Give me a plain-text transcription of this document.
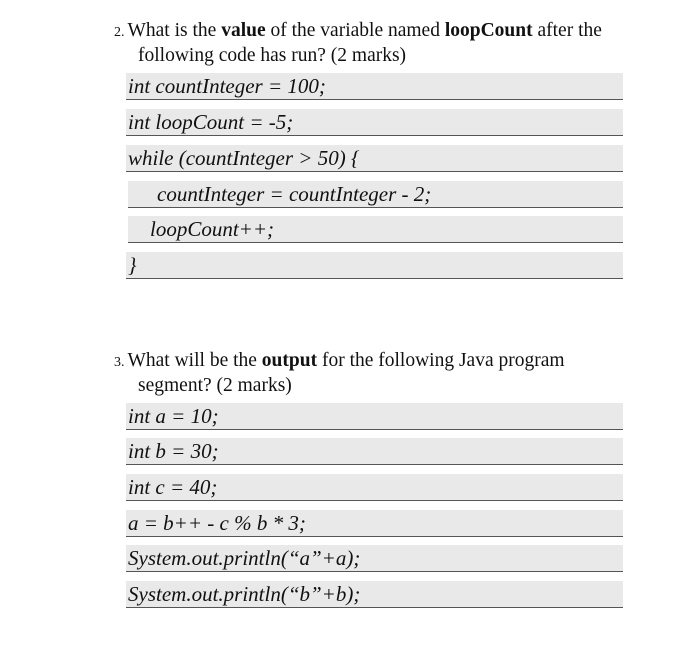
2. What is the value of the variable named loopCount after the
following code has run? (2 marks)
int countInteger = 100;
int loopCount = -5;
while (countInteger > 50) {
countInteger = countInteger - 2;
loopCount++;
}
3. What will be the output for the following Java program
segment? (2 marks)
int a = 10;
int b = 30;
int c = 40;
a = b++ - c % b * 3;
System.out.println(“a”+a);
System.out.println(“b”+b);
